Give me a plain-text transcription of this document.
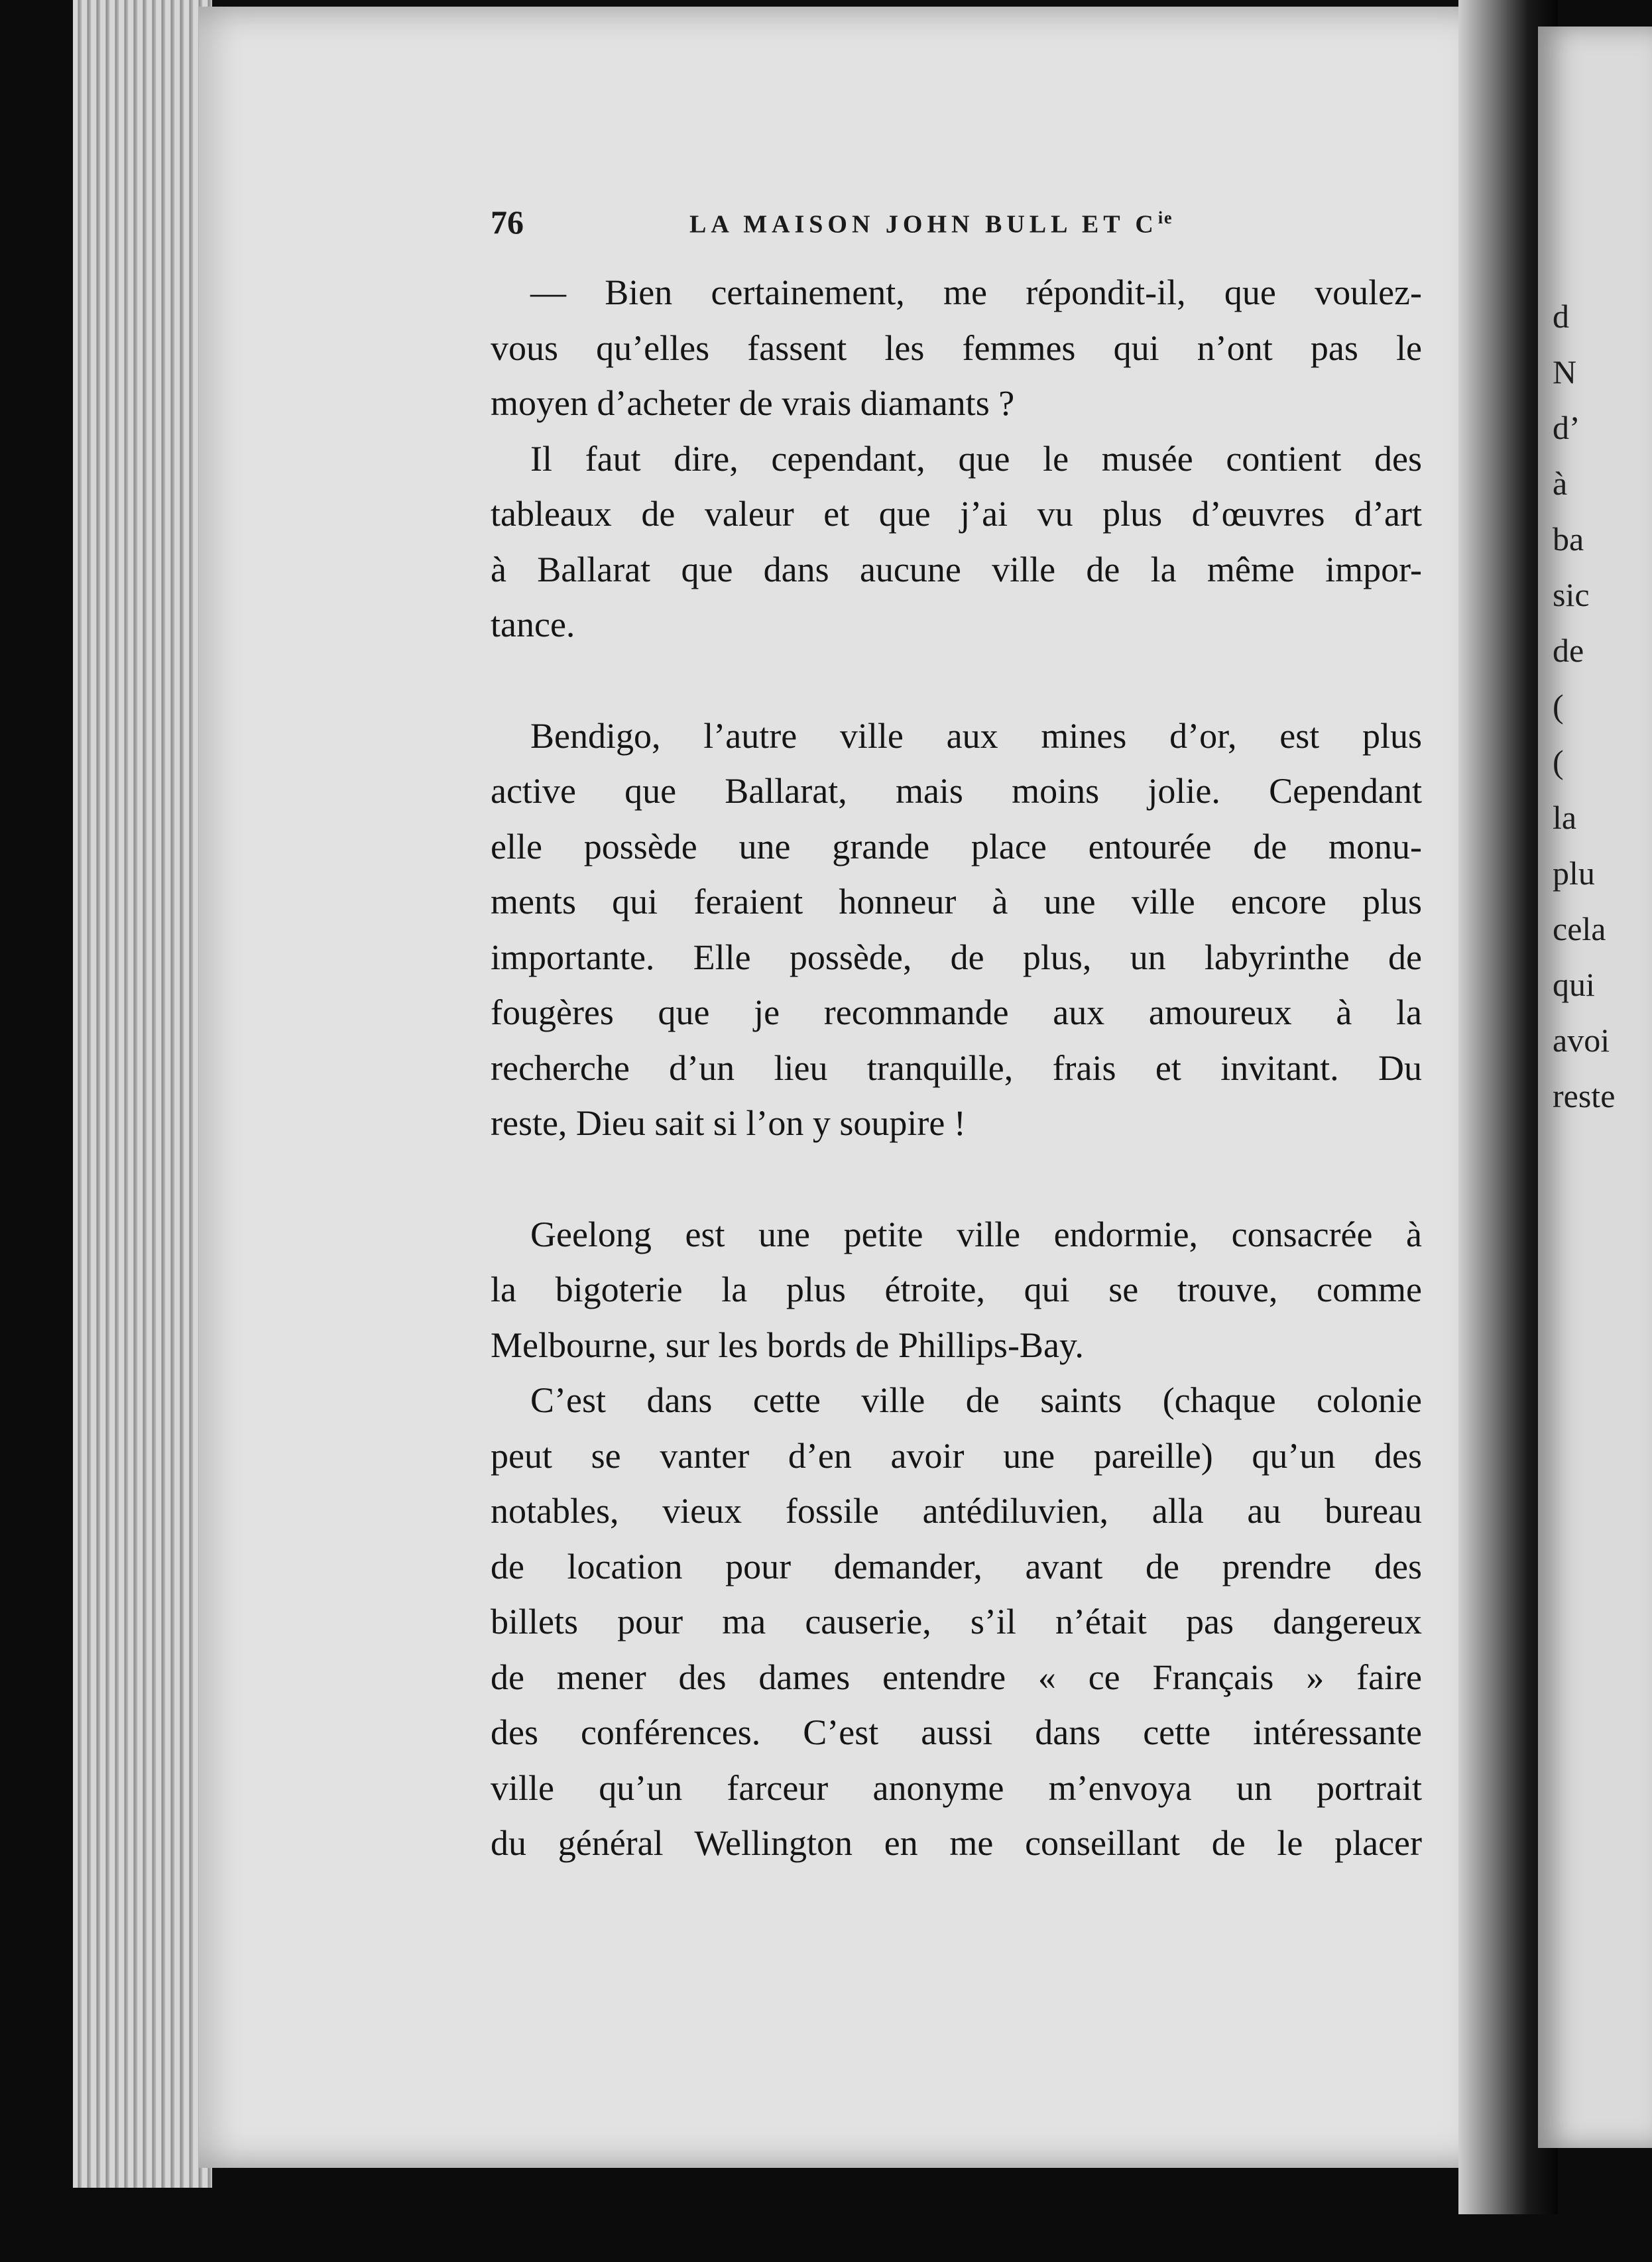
d
N
d’
à
ba
sic
de
(
(
la
plu
cela
qui
avoi
reste
76	LA MAISON JOHN BULL ET $C^{ie}$
— Bien certainement, me répondit-il, que voulez-
vous qu’elles fassent les femmes qui n’ont pas le
moyen d’acheter de vrais diamants ?
Il faut dire, cependant, que le musée contient des
tableaux de valeur et que j’ai vu plus d’œuvres d’art
à Ballarat que dans aucune ville de la même impor-
tance.
Bendigo, l’autre ville aux mines d’or, est plus
active que Ballarat, mais moins jolie. Cependant
elle possède une grande place entourée de monu-
ments qui feraient honneur à une ville encore plus
importante. Elle possède, de plus, un labyrinthe de
fougères que je recommande aux amoureux à la
recherche d’un lieu tranquille, frais et invitant. Du
reste, Dieu sait si l’on y soupire !
Geelong est une petite ville endormie, consacrée à
la bigoterie la plus étroite, qui se trouve, comme
Melbourne, sur les bords de Phillips-Bay.
C’est dans cette ville de saints (chaque colonie
peut se vanter d’en avoir une pareille) qu’un des
notables, vieux fossile antédiluvien, alla au bureau
de location pour demander, avant de prendre des
billets pour ma causerie, s’il n’était pas dangereux
de mener des dames entendre « ce Français » faire
des conférences. C’est aussi dans cette intéressante
ville qu’un farceur anonyme m’envoya un portrait
du général Wellington en me conseillant de le placer
